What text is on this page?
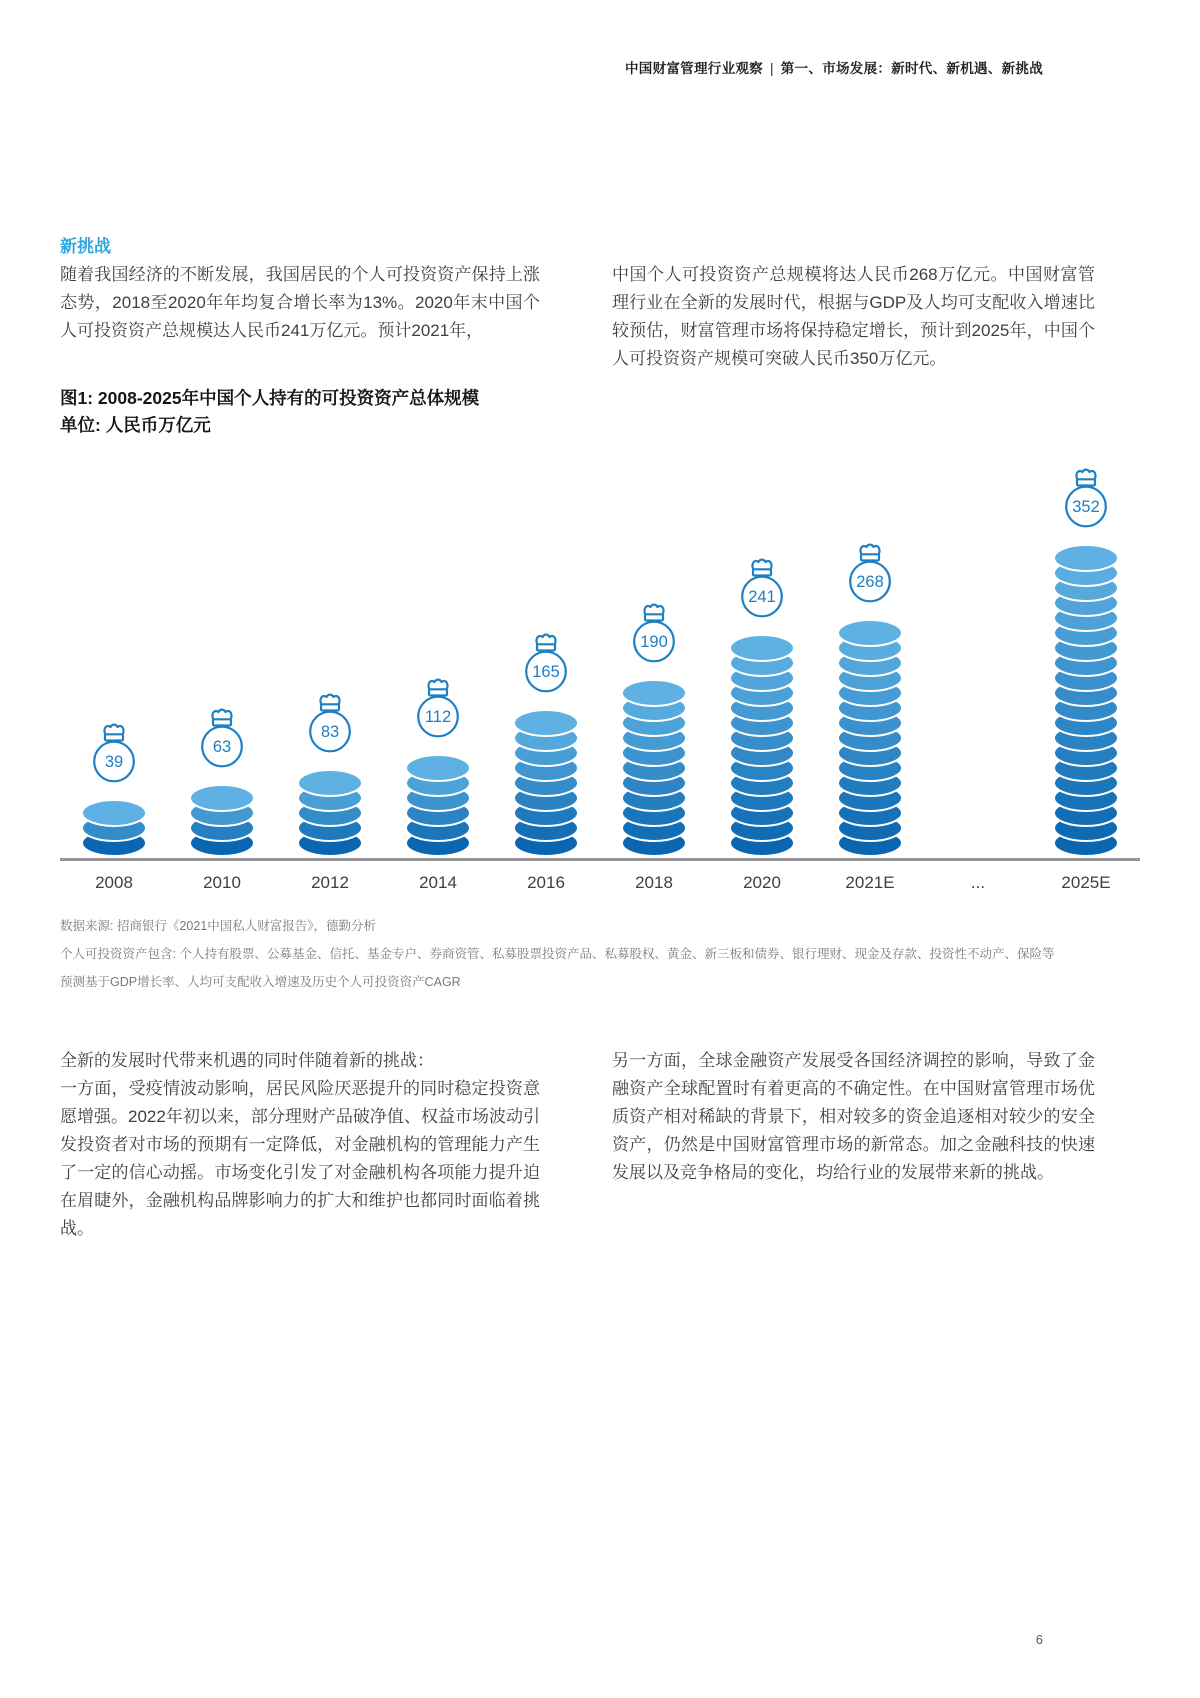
中国财富管理行业观察 | 第一、市场发展：新时代、新机遇、新挑战
新挑战

随着我国经济的不断发展，我国居民的个人可投资资产保持上涨态势，2018至2020年年均复合增长率为13%。2020年末中国个人可投资资产总规模达人民币241万亿元。预计2021年，

中国个人可投资资产总规模将达人民币268万亿元。中国财富管理行业在全新的发展时代，根据与GDP及人均可支配收入增速比较预估，财富管理市场将保持稳定增长，预计到2025年，中国个人可投资资产规模可突破人民币350万亿元。

图1: 2008-2025年中国个人持有的可投资资产总体规模
单位: 人民币万亿元
39
63
83
112
165
190
241
268
352
2008	2010	2012	2014	2016	2018	2020	2021E	...	2025E
数据来源: 招商银行《2021中国私人财富报告》，德勤分析
个人可投资资产包含: 个人持有股票、公募基金、信托、基金专户、券商资管、私募股票投资产品、私募股权、黄金、新三板和债券、银行理财、现金及存款、投资性不动产、保险等
预测基于GDP增长率、人均可支配收入增速及历史个人可投资资产CAGR

全新的发展时代带来机遇的同时伴随着新的挑战：

一方面，受疫情波动影响，居民风险厌恶提升的同时稳定投资意愿增强。2022年初以来，部分理财产品破净值、权益市场波动引发投资者对市场的预期有一定降低，对金融机构的管理能力产生了一定的信心动摇。市场变化引发了对金融机构各项能力提升迫在眉睫外，金融机构品牌影响力的扩大和维护也都同时面临着挑战。

另一方面，全球金融资产发展受各国经济调控的影响，导致了金融资产全球配置时有着更高的不确定性。在中国财富管理市场优质资产相对稀缺的背景下，相对较多的资金追逐相对较少的安全资产，仍然是中国财富管理市场的新常态。加之金融科技的快速发展以及竞争格局的变化，均给行业的发展带来新的挑战。

6
